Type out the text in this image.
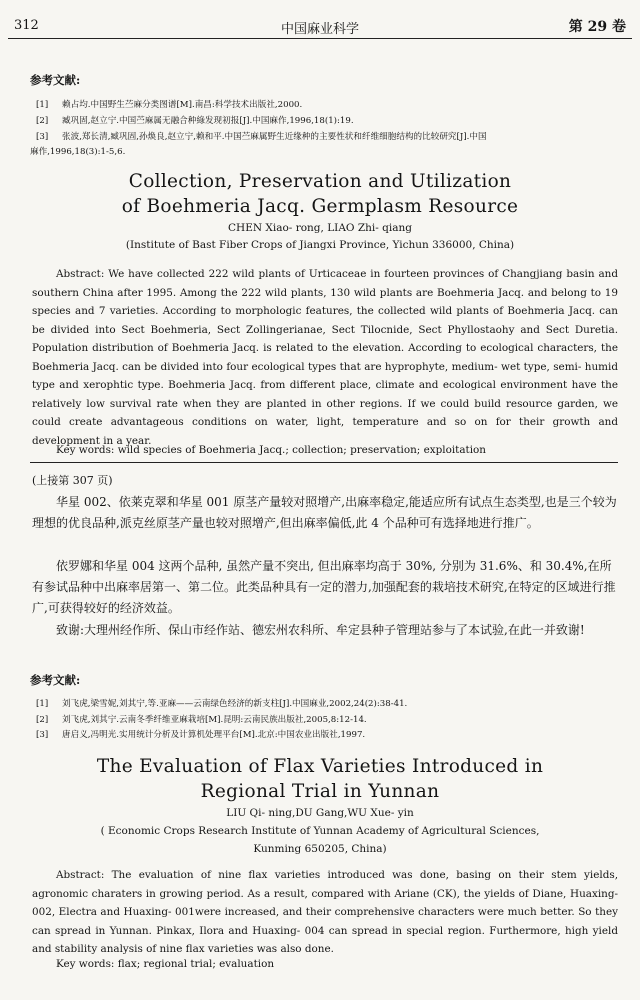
312	中国麻业科学	第 29 卷
参考文献:
[1] 赖占均.中国野生苎麻分类图谱[M].南昌:科学技术出版社,2000.
[2] 臧巩固,赵立宁.中国苎麻属无融合种綠发现初报[J].中国麻作,1996,18(1):19.
[3] 张波,郑长清,臧巩固,孙焕良,赵立宁,赖和平.中国苎麻属野生近缘种的主要性状和纤维细胞结构的比较研究[J].中国
麻作,1996,18(3):1-5,6.
Collection, Preservation and Utilization
of Boehmeria Jacq. Germplasm Resource
CHEN Xiao- rong, LIAO Zhi- qiang
(Institute of Bast Fiber Crops of Jiangxi Province, Yichun 336000, China)
Abstract: We have collected 222 wild plants of Urticaceae in fourteen provinces of Changjiang basin and southern China after 1995. Among the 222 wild plants, 130 wild plants are Boehmeria Jacq. and belong to 19 species and 7 varieties. According to morphologic features, the collected wild plants of Boehmeria Jacq. can be divided into Sect Boehmeria, Sect Zollingerianae, Sect Tilocnide, Sect Phyllostaohy and Sect Duretia. Population distribution of Boehmeria Jacq. is related to the elevation. According to ecological characters, the Boehmeria Jacq. can be divided into four ecological types that are hyprophyte, medium- wet type, semi- humid type and xerophtic type. Boehmeria Jacq. from different place, climate and ecological environment have the relatively low survival rate when they are planted in other regions. If we could build resource garden, we could create advantageous conditions on water, light, temperature and so on for their growth and development in a year.
Key words: wild species of Boehmeria Jacq.; collection; preservation; exploitation
(上接第 307 页)
华星 002、依莱克翠和华星 001 原茎产量较对照增产,出麻率稳定,能适应所有试点生态类型,也是三个较为理想的优良品种,派克丝原茎产量也较对照增产,但出麻率偏低,此 4 个品种可有选择地进行推广。
依罗娜和华星 004 这两个品种, 虽然产量不突出, 但出麻率均高于 30%, 分别为 31.6%、和 30.4%,在所有参试品种中出麻率居第一、第二位。此类品种具有一定的潜力,加强配套的栽培技术研究,在特定的区域进行推广,可获得较好的经济效益。
致谢:大理州经作所、保山市经作站、德宏州农科所、牟定县种子管理站参与了本试验,在此一并致谢!
参考文献:
[1] 刘飞虎,梁雪妮,刘其宁,等.亚麻——云南绿色经济的新支柱[J].中国麻业,2002,24(2):38-41.
[2] 刘飞虎,刘其宁.云南冬季纤维亚麻栽培[M].昆明:云南民族出版社,2005,8:12-14.
[3] 唐启义,冯明光.实用统计分析及计算机处理平台[M].北京:中国农业出版社,1997.
The Evaluation of Flax Varieties Introduced in
Regional Trial in Yunnan
LIU Qi- ning,DU Gang,WU Xue- yin
( Economic Crops Research Institute of Yunnan Academy of Agricultural Sciences,
Kunming 650205, China)
Abstract: The evaluation of nine flax varieties introduced was done, basing on their stem yields, agronomic charaters in growing period. As a result, compared with Ariane (CK), the yields of Diane, Huaxing- 002, Electra and Huaxing- 001were increased, and their comprehensive characters were much better. So they can spread in Yunnan. Pinkax, Ilora and Huaxing- 004 can spread in special region. Furthermore, high yield and stability analysis of nine flax varieties was also done.
Key words: flax; regional trial; evaluation
